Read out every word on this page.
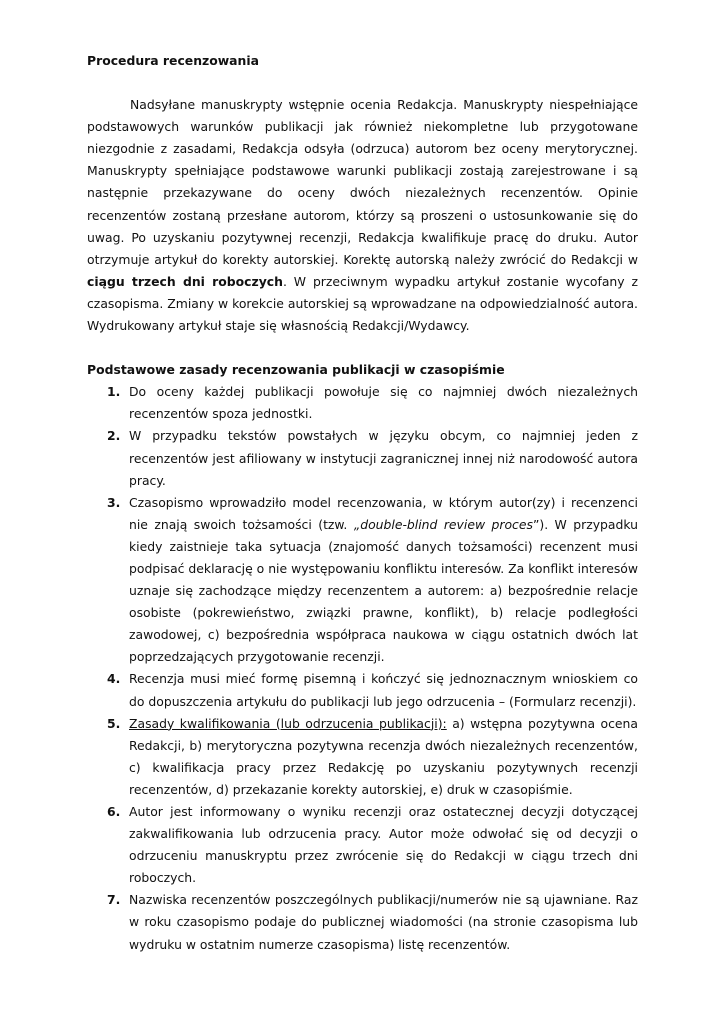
Procedura recenzowania

Nadsyłane manuskrypty wstępnie ocenia Redakcja. Manuskrypty niespełniające podstawowych warunków publikacji jak również niekompletne lub przygotowane niezgodnie z zasadami, Redakcja odsyła (odrzuca) autorom bez oceny merytorycznej. Manuskrypty spełniające podstawowe warunki publikacji zostają zarejestrowane i są następnie przekazywane do oceny dwóch niezależnych recenzentów. Opinie recenzentów zostaną przesłane autorom, którzy są proszeni o ustosunkowanie się do uwag. Po uzyskaniu pozytywnej recenzji, Redakcja kwalifikuje pracę do druku. Autor otrzymuje artykuł do korekty autorskiej. Korektę autorską należy zwrócić do Redakcji w ciągu trzech dni roboczych. W przeciwnym wypadku artykuł zostanie wycofany z czasopisma. Zmiany w korekcie autorskiej są wprowadzane na odpowiedzialność autora. Wydrukowany artykuł staje się własnością Redakcji/Wydawcy.

Podstawowe zasady recenzowania publikacji w czasopiśmie

1. Do oceny każdej publikacji powołuje się co najmniej dwóch niezależnych recenzentów spoza jednostki.
2. W przypadku tekstów powstałych w języku obcym, co najmniej jeden z recenzentów jest afiliowany w instytucji zagranicznej innej niż narodowość autora pracy.
3. Czasopismo wprowadziło model recenzowania, w którym autor(zy) i recenzenci nie znają swoich tożsamości (tzw. „double-blind review proces”). W przypadku kiedy zaistnieje taka sytuacja (znajomość danych tożsamości) recenzent musi podpisać deklarację o nie występowaniu konfliktu interesów. Za konflikt interesów uznaje się zachodzące między recenzentem a autorem: a) bezpośrednie relacje osobiste (pokrewieństwo, związki prawne, konflikt), b) relacje podległości zawodowej, c) bezpośrednia współpraca naukowa w ciągu ostatnich dwóch lat poprzedzających przygotowanie recenzji.
4. Recenzja musi mieć formę pisemną i kończyć się jednoznacznym wnioskiem co do dopuszczenia artykułu do publikacji lub jego odrzucenia – (Formularz recenzji).
5. Zasady kwalifikowania (lub odrzucenia publikacji): a) wstępna pozytywna ocena Redakcji, b) merytoryczna pozytywna recenzja dwóch niezależnych recenzentów, c) kwalifikacja pracy przez Redakcję po uzyskaniu pozytywnych recenzji recenzentów, d) przekazanie korekty autorskiej, e) druk w czasopiśmie.
6. Autor jest informowany o wyniku recenzji oraz ostatecznej decyzji dotyczącej zakwalifikowania lub odrzucenia pracy. Autor może odwołać się od decyzji o odrzuceniu manuskryptu przez zwrócenie się do Redakcji w ciągu trzech dni roboczych.
7. Nazwiska recenzentów poszczególnych publikacji/numerów nie są ujawniane. Raz w roku czasopismo podaje do publicznej wiadomości (na stronie czasopisma lub wydruku w ostatnim numerze czasopisma) listę recenzentów.
